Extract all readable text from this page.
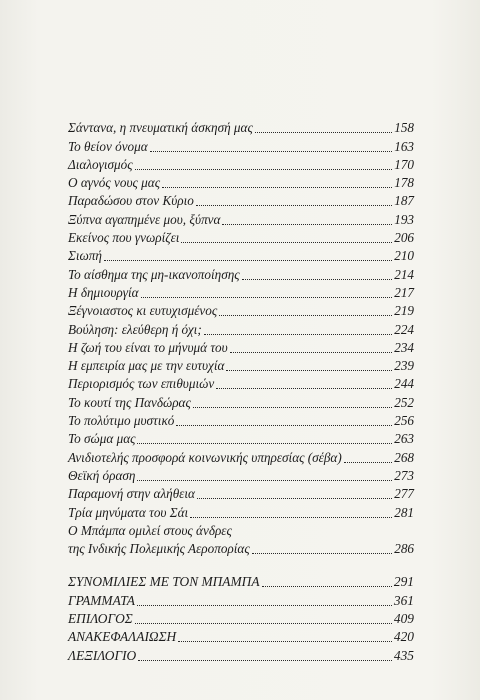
Σάντανα, η πνευματική άσκησή μας	158
Το θείον όνομα	163
Διαλογισμός	170
Ο αγνός νους μας	178
Παραδώσου στον Κύριο	187
Ξύπνα αγαπημένε μου, ξύπνα	193
Εκείνος που γνωρίζει	206
Σιωπή	210
Το αίσθημα της μη-ικανοποίησης	214
Η δημιουργία	217
Ξέγνοιαστος κι ευτυχισμένος	219
Βούληση: ελεύθερη ή όχι;	224
Η ζωή του είναι το μήνυμά του	234
Η εμπειρία μας με την ευτυχία	239
Περιορισμός των επιθυμιών	244
Το κουτί της Πανδώρας	252
Το πολύτιμο μυστικό	256
Το σώμα μας	263
Ανιδιοτελής προσφορά κοινωνικής υπηρεσίας (σέβα)	268
Θεϊκή όραση	273
Παραμονή στην αλήθεια	277
Τρία μηνύματα του Σάι	281
Ο Μπάμπα ομιλεί στους άνδρες
της Ινδικής Πολεμικής Αεροπορίας	286
ΣΥΝΟΜΙΛΙΕΣ ΜΕ ΤΟΝ ΜΠΑΜΠΑ	291
ΓΡΑΜΜΑΤΑ	361
ΕΠΙΛΟΓΟΣ	409
ΑΝΑΚΕΦΑΛΑΙΩΣΗ	420
ΛΕΞΙΛΟΓΙΟ	435
